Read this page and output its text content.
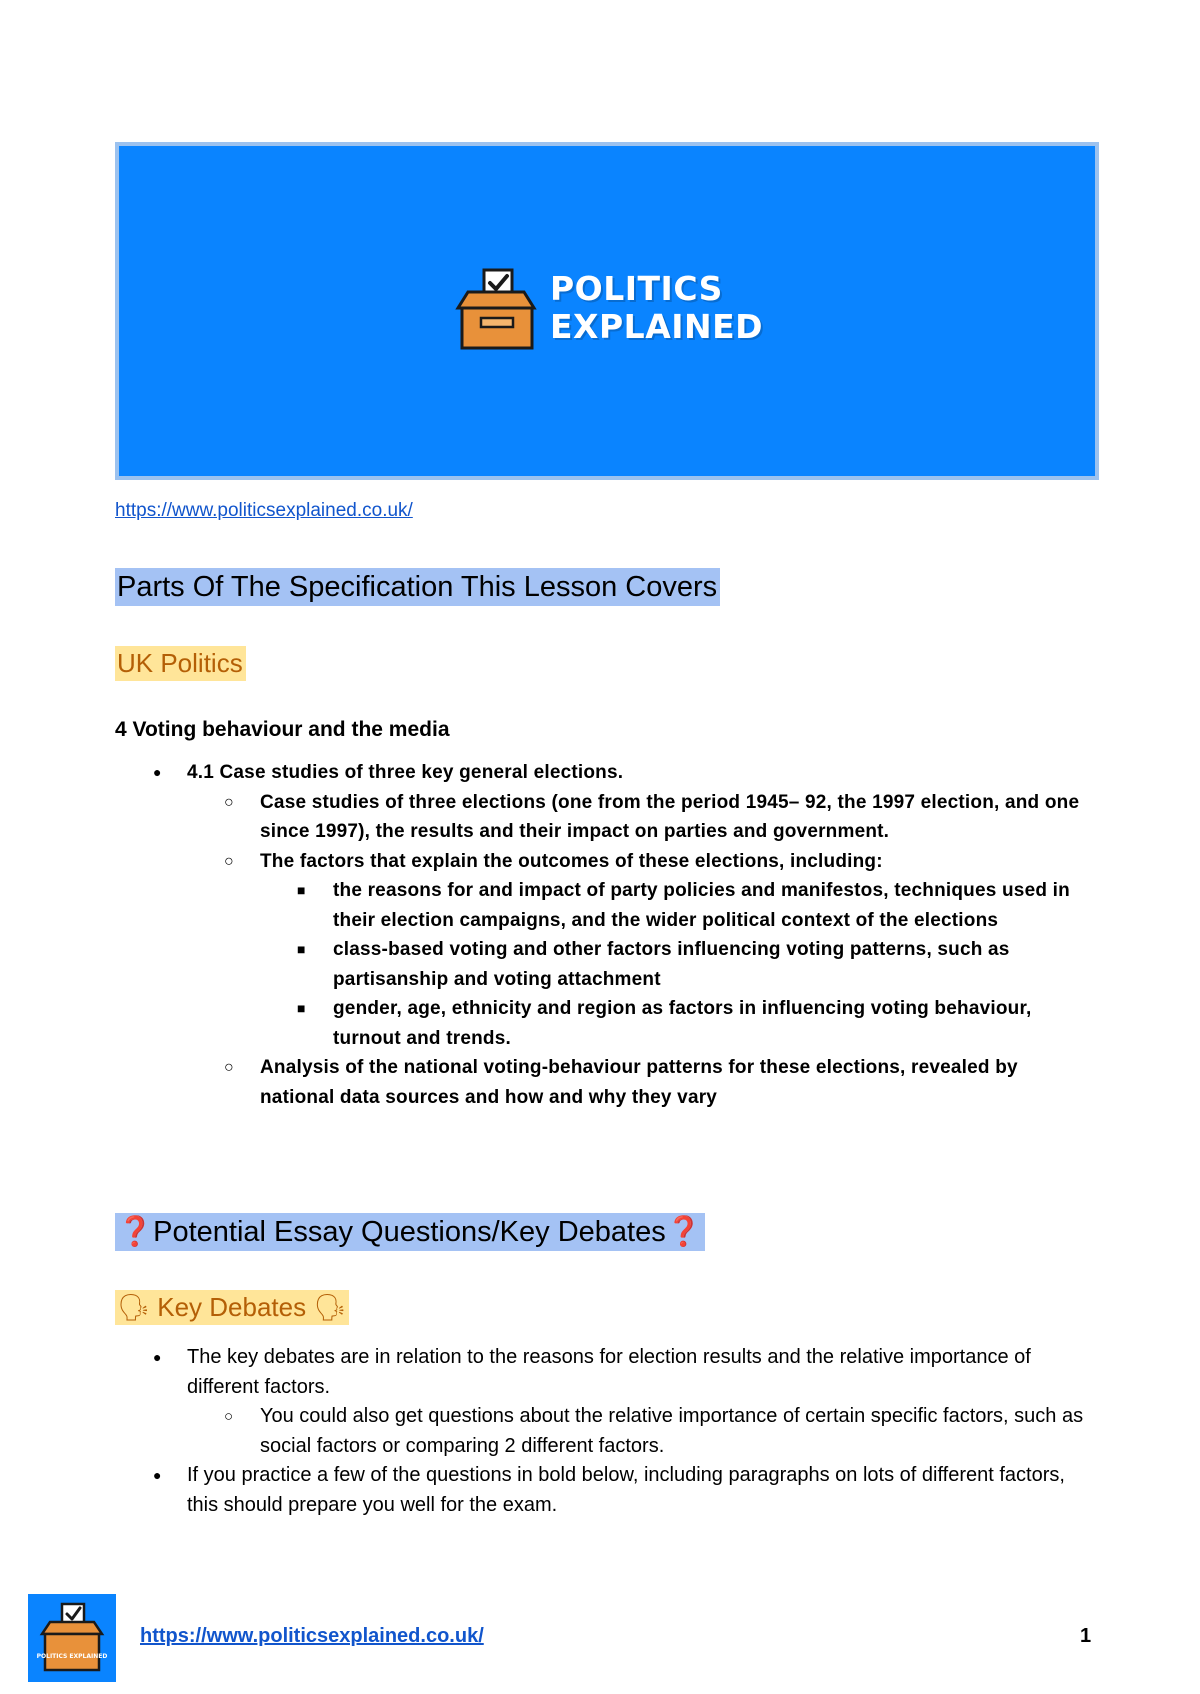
POLITICS
EXPLAINED
https://www.politicsexplained.co.uk/
Parts Of The Specification This Lesson Covers
UK Politics
4 Voting behaviour and the media
● 4.1 Case studies of three key general elections.
○ Case studies of three elections (one from the period 1945– 92, the 1997 election, and one since 1997), the results and their impact on parties and government.
○ The factors that explain the outcomes of these elections, including:
■ the reasons for and impact of party policies and manifestos, techniques used in their election campaigns, and the wider political context of the elections
■ class-based voting and other factors influencing voting patterns, such as partisanship and voting attachment
■ gender, age, ethnicity and region as factors in influencing voting behaviour, turnout and trends.
○ Analysis of the national voting-behaviour patterns for these elections, revealed by national data sources and how and why they vary
❓Potential Essay Questions/Key Debates❓
🗣 Key Debates 🗣
● The key debates are in relation to the reasons for election results and the relative importance of different factors.
○ You could also get questions about the relative importance of certain specific factors, such as social factors or comparing 2 different factors.
● If you practice a few of the questions in bold below, including paragraphs on lots of different factors, this should prepare you well for the exam.
POLITICS EXPLAINED
https://www.politicsexplained.co.uk/	1
